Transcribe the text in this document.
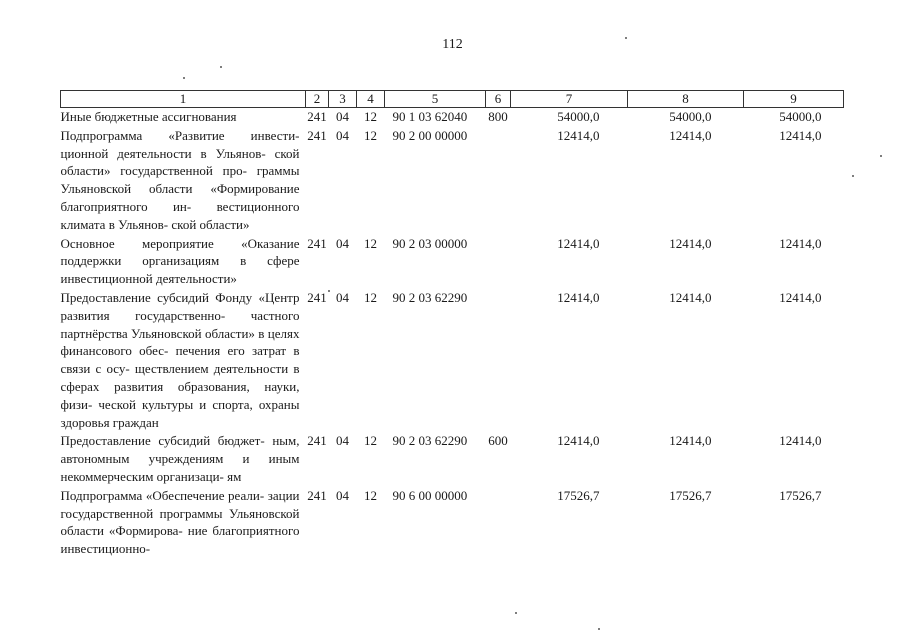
112
1	2	3	4	5	6	7	8	9
Иные бюджетные ассигнования	241	04	12	90 1 03 62040	800	54000,0	54000,0	54000,0
Подпрограмма «Развитие инвести- ционной деятельности в Ульянов- ской области» государственной про- граммы Ульяновской области «Формирование благоприятного ин- вестиционного климата в Ульянов- ской области»	241	04	12	90 2 00 00000		12414,0	12414,0	12414,0
Основное мероприятие «Оказание поддержки организациям в сфере инвестиционной деятельности»	241	04	12	90 2 03 00000		12414,0	12414,0	12414,0
Предоставление субсидий Фонду «Центр развития государственно- частного партнёрства Ульяновской области» в целях финансового обес- печения его затрат в связи с осу- ществлением деятельности в сферах развития образования, науки, физи- ческой культуры и спорта, охраны здоровья граждан	241	04	12	90 2 03 62290		12414,0	12414,0	12414,0
Предоставление субсидий бюджет- ным, автономным учреждениям и иным некоммерческим организаци- ям	241	04	12	90 2 03 62290	600	12414,0	12414,0	12414,0
Подпрограмма «Обеспечение реали- зации государственной программы Ульяновской области «Формирова- ние благоприятного инвестиционно-	241	04	12	90 6 00 00000		17526,7	17526,7	17526,7
